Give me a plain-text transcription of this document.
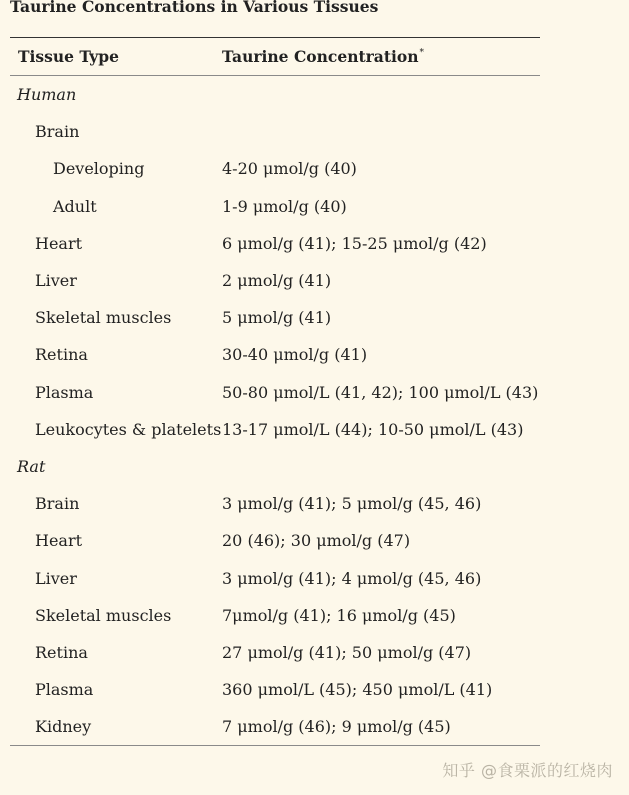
Taurine Concentrations in Various Tissues
Tissue Type	Taurine Concentration*
Human
Brain
Developing	4-20 μmol/g (40)
Adult	1-9 μmol/g (40)
Heart	6 μmol/g (41); 15-25 μmol/g (42)
Liver	2 μmol/g (41)
Skeletal muscles	5 μmol/g (41)
Retina	30-40 μmol/g (41)
Plasma	50-80 μmol/L (41, 42); 100 μmol/L (43)
Leukocytes & platelets 13-17 μmol/L (44); 10-50 μmol/L (43)
Rat
Brain	3 μmol/g (41); 5 μmol/g (45, 46)
Heart	20 (46); 30 μmol/g (47)
Liver	3 μmol/g (41); 4 μmol/g (45, 46)
Skeletal muscles	7μmol/g (41); 16 μmol/g (45)
Retina	27 μmol/g (41); 50 μmol/g (47)
Plasma	360 μmol/L (45); 450 μmol/L (41)
Kidney	7 μmol/g (46); 9 μmol/g (45)
知乎 @食栗派的红烧肉
